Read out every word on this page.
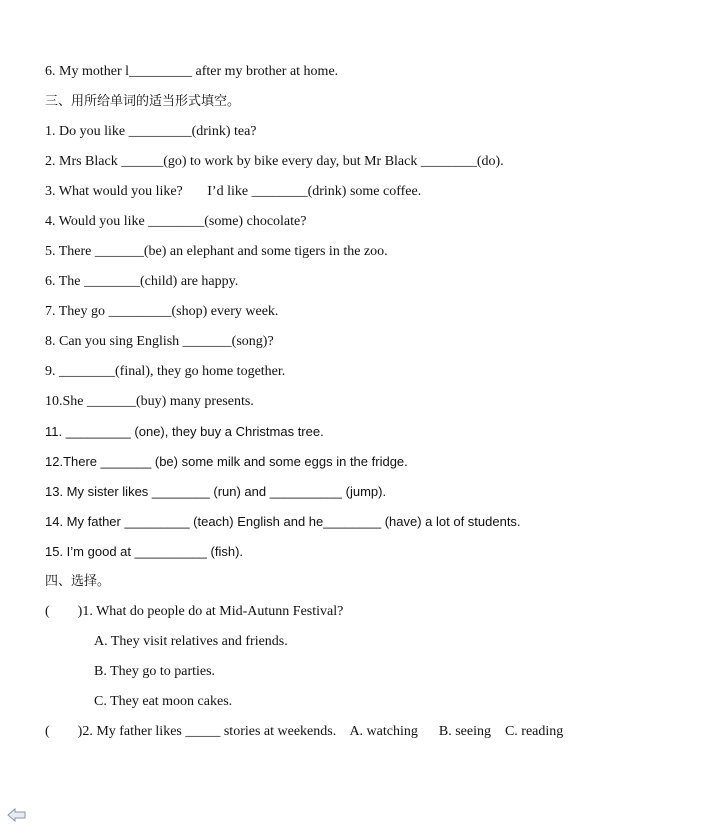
6. My mother l_________ after my brother at home.
三、用所给单词的适当形式填空。
1. Do you like _________(drink) tea?
2. Mrs Black ______(go) to work by bike every day, but Mr Black ________(do).
3. What would you like?       I’d like ________(drink) some coffee.
4. Would you like ________(some) chocolate?
5. There _______(be) an elephant and some tigers in the zoo.
6. The ________(child) are happy.
7. They go _________(shop) every week.
8. Can you sing English _______(song)?
9. ________(final), they go home together.
10.She _______(buy) many presents.
11. _________ (one), they buy a Christmas tree.
12.There _______ (be) some milk and some eggs in the fridge.
13. My sister likes ________ (run) and __________ (jump).
14. My father _________ (teach) English and he________ (have) a lot of students.
15. I’m good at __________ (fish).
四、选择。
(        )1. What do people do at Mid-Autunn Festival?
A. They visit relatives and friends.
B. They go to parties.
C. They eat moon cakes.
(        )2. My father likes _____ stories at weekends.    A. watching      B. seeing    C. reading
